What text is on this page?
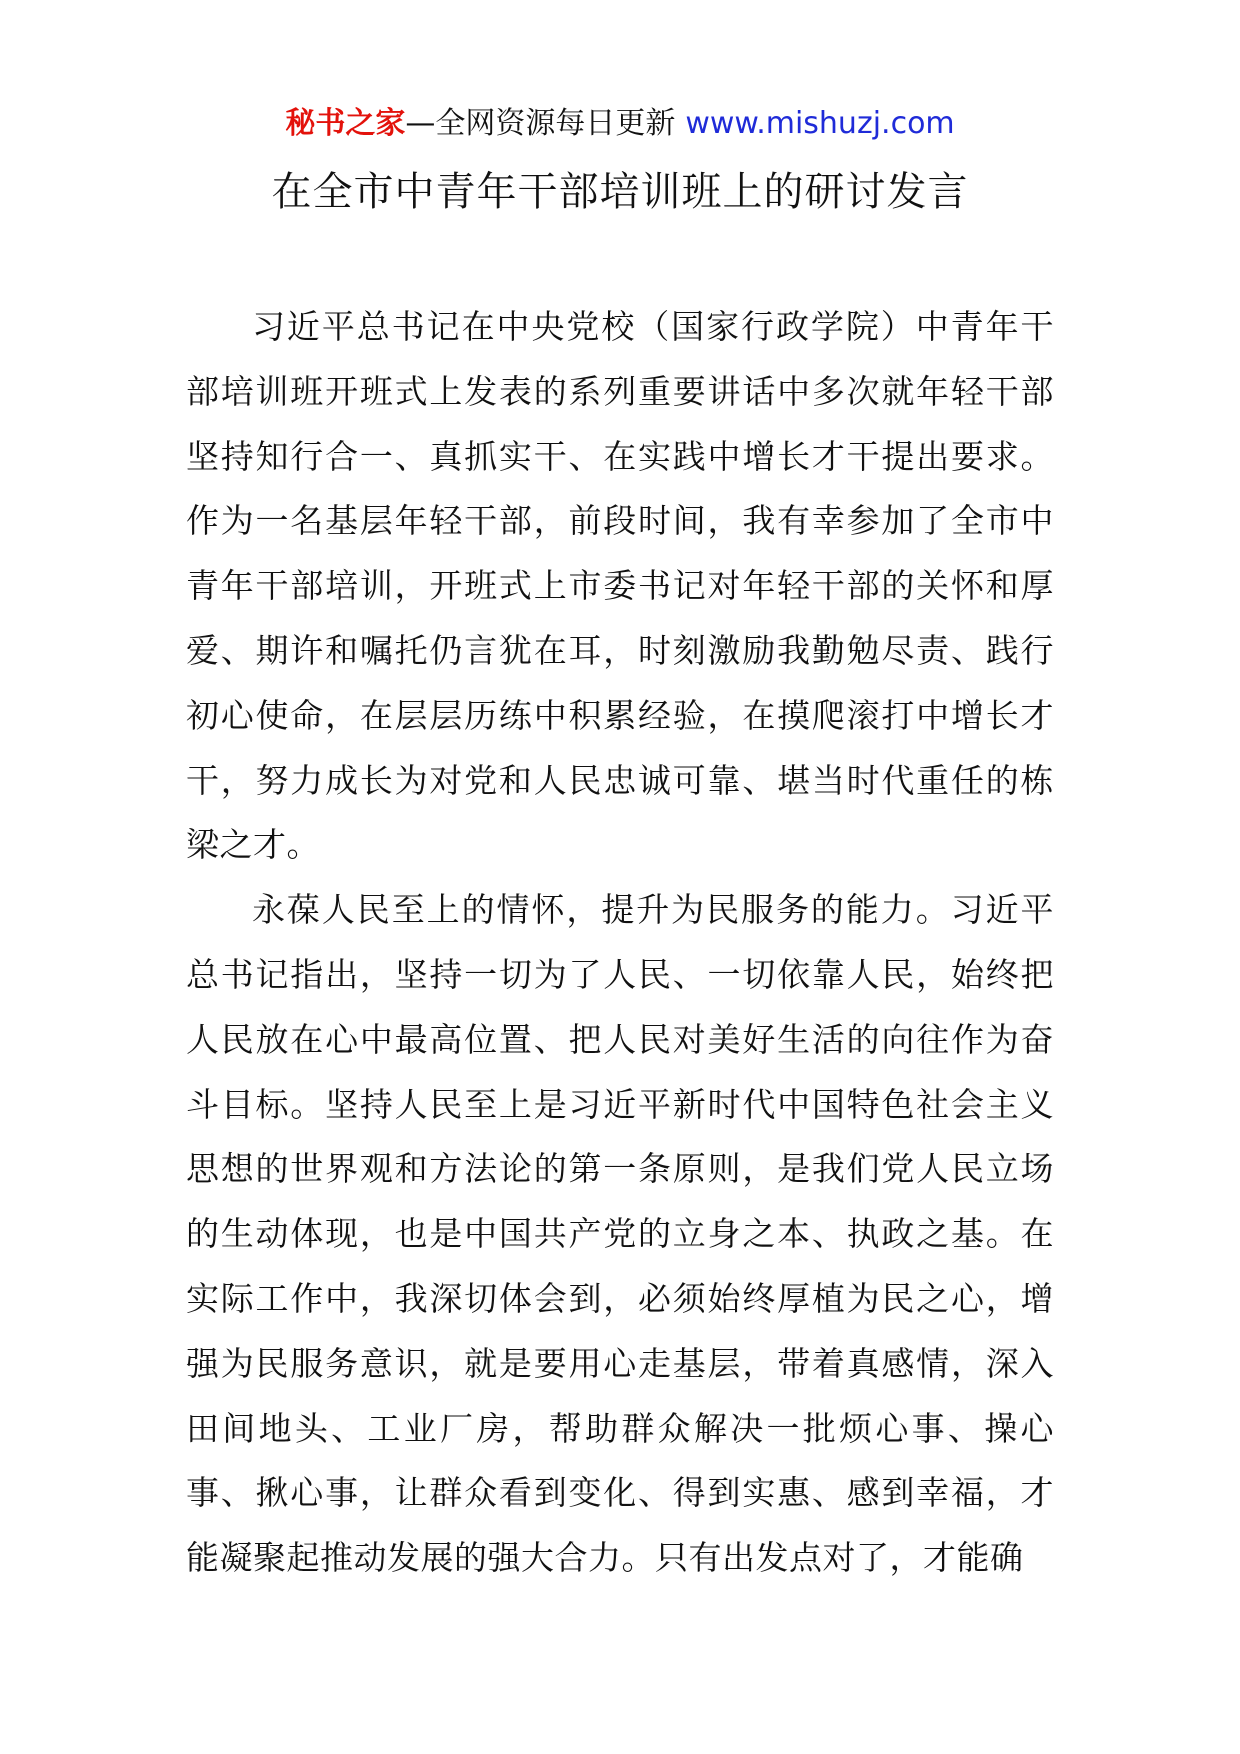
秘书之家—全网资源每日更新 www.mishuzj.com
在全市中青年干部培训班上的研讨发言

习近平总书记在中央党校（国家行政学院）中青年干部培训班开班式上发表的系列重要讲话中多次就年轻干部坚持知行合一、真抓实干、在实践中增长才干提出要求。作为一名基层年轻干部，前段时间，我有幸参加了全市中青年干部培训，开班式上市委书记对年轻干部的关怀和厚爱、期许和嘱托仍言犹在耳，时刻激励我勤勉尽责、践行初心使命，在层层历练中积累经验，在摸爬滚打中增长才干，努力成长为对党和人民忠诚可靠、堪当时代重任的栋梁之才。

永葆人民至上的情怀，提升为民服务的能力。习近平总书记指出，坚持一切为了人民、一切依靠人民，始终把人民放在心中最高位置、把人民对美好生活的向往作为奋斗目标。坚持人民至上是习近平新时代中国特色社会主义思想的世界观和方法论的第一条原则，是我们党人民立场的生动体现，也是中国共产党的立身之本、执政之基。在实际工作中，我深切体会到，必须始终厚植为民之心，增强为民服务意识，就是要用心走基层，带着真感情，深入田间地头、工业厂房，帮助群众解决一批烦心事、操心事、揪心事，让群众看到变化、得到实惠、感到幸福，才能凝聚起推动发展的强大合力。只有出发点对了，才能确
